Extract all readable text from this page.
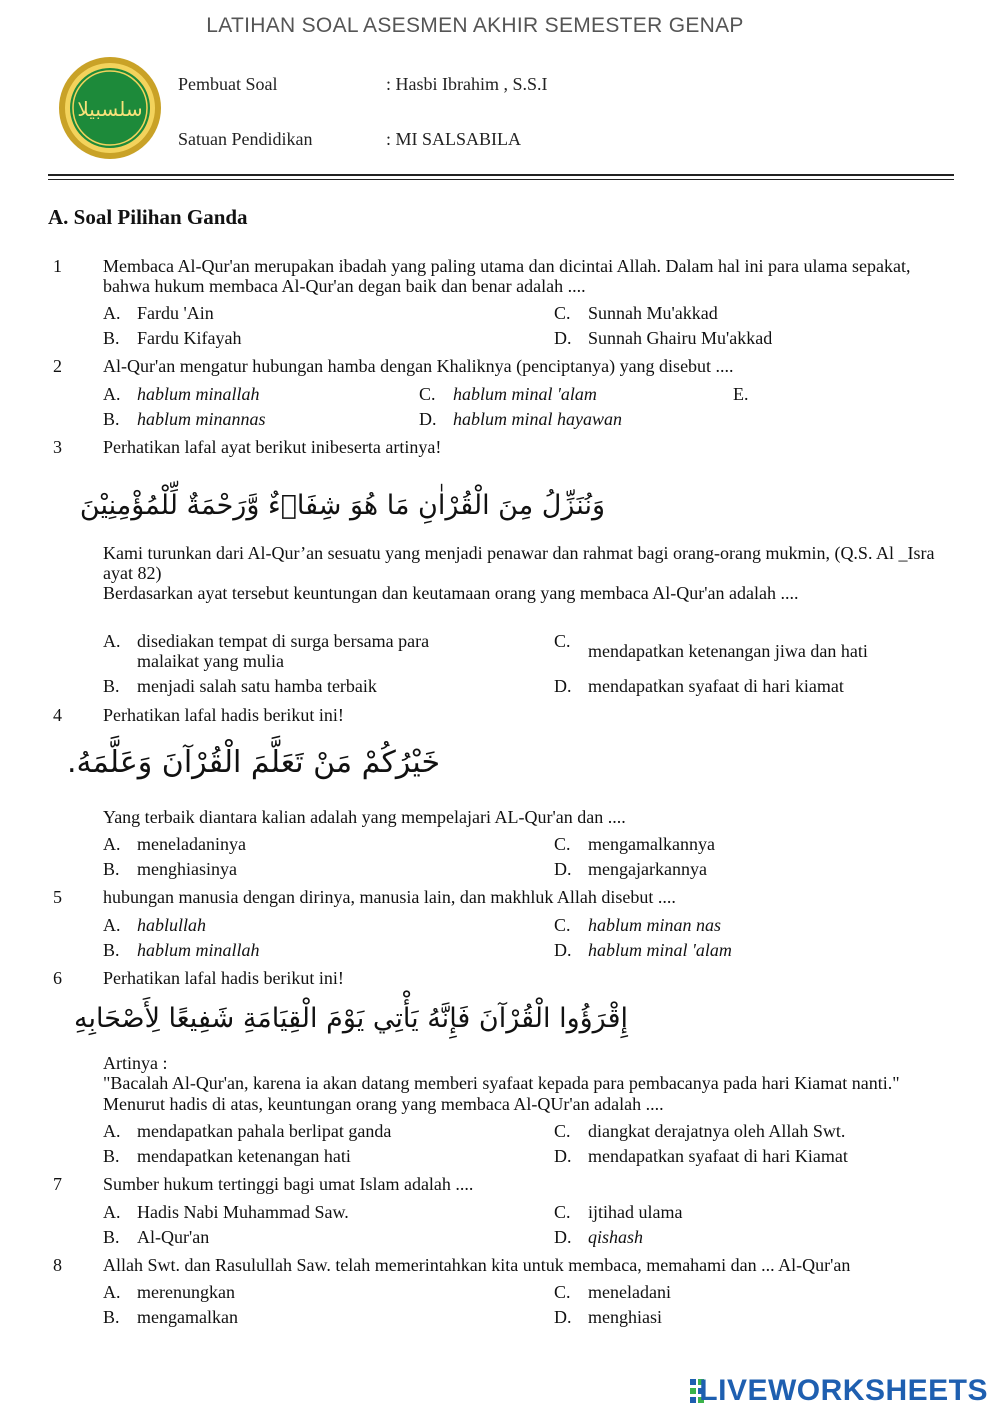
LATIHAN SOAL ASESMEN AKHIR SEMESTER GENAP
سلسبيلا
Pembuat Soal	: Hasbi Ibrahim , S.S.I
Satuan Pendidikan	: MI SALSABILA
A. Soal Pilihan Ganda
1 Membaca Al-Qur'an merupakan ibadah yang paling utama dan dicintai Allah. Dalam hal ini para ulama sepakat, bahwa hukum membaca Al-Qur'an degan baik dan benar adalah ....
A. Fardu 'Ain	C. Sunnah Mu'akkad
B. Fardu Kifayah	D. Sunnah Ghairu Mu'akkad
2 Al-Qur'an mengatur hubungan hamba dengan Khaliknya (penciptanya) yang disebut ....
A. hablum minallah	C. hablum minal 'alam	E.
B. hablum minannas	D. hablum minal hayawan
3 Perhatikan lafal ayat berikut inibeserta artinya!
وَنُنَزِّلُ مِنَ الْقُرْاٰنِ مَا هُوَ شِفَاۤءٌ وَّرَحْمَةٌ لِّلْمُؤْمِنِيْنَ
Kami turunkan dari Al-Qur’an sesuatu yang menjadi penawar dan rahmat bagi orang-orang mukmin, (Q.S. Al _Isra ayat 82)
Berdasarkan ayat tersebut keuntungan dan keutamaan orang yang membaca Al-Qur'an adalah ....
A. disediakan tempat di surga bersama para malaikat yang mulia
C. mendapatkan ketenangan jiwa dan hati
B. menjadi salah satu hamba terbaik	D. mendapatkan syafaat di hari kiamat
4 Perhatikan lafal hadis berikut ini!
خَيْرُكُمْ مَنْ تَعَلَّمَ الْقُرْآنَ وَعَلَّمَهُ.
Yang terbaik diantara kalian adalah yang mempelajari AL-Qur'an dan ....
A. meneladaninya	C. mengamalkannya
B. menghiasinya	D. mengajarkannya
5 hubungan manusia dengan dirinya, manusia lain, dan makhluk Allah disebut ....
A. hablullah	C. hablum minan nas
B. hablum minallah	D. hablum minal 'alam
6 Perhatikan lafal hadis berikut ini!
إِقْرَؤُوا الْقُرْآنَ فَإِنَّهُ يَأْتِي يَوْمَ الْقِيَامَةِ شَفِيعًا لِأَصْحَابِهِ
Artinya :
"Bacalah Al-Qur'an, karena ia akan datang memberi syafaat kepada para pembacanya pada hari Kiamat nanti."
Menurut hadis di atas, keuntungan orang yang membaca Al-QUr'an adalah ....
A. mendapatkan pahala berlipat ganda	C. diangkat derajatnya oleh Allah Swt.
B. mendapatkan ketenangan hati	D. mendapatkan syafaat di hari Kiamat
7 Sumber hukum tertinggi bagi umat Islam adalah ....
A. Hadis Nabi Muhammad Saw.	C. ijtihad ulama
B. Al-Qur'an	D. qishash
8 Allah Swt. dan Rasulullah Saw. telah memerintahkan kita untuk membaca, memahami dan ... Al-Qur'an
A. merenungkan	C. meneladani
B. mengamalkan	D. menghiasi
LIVEWORKSHEETS
